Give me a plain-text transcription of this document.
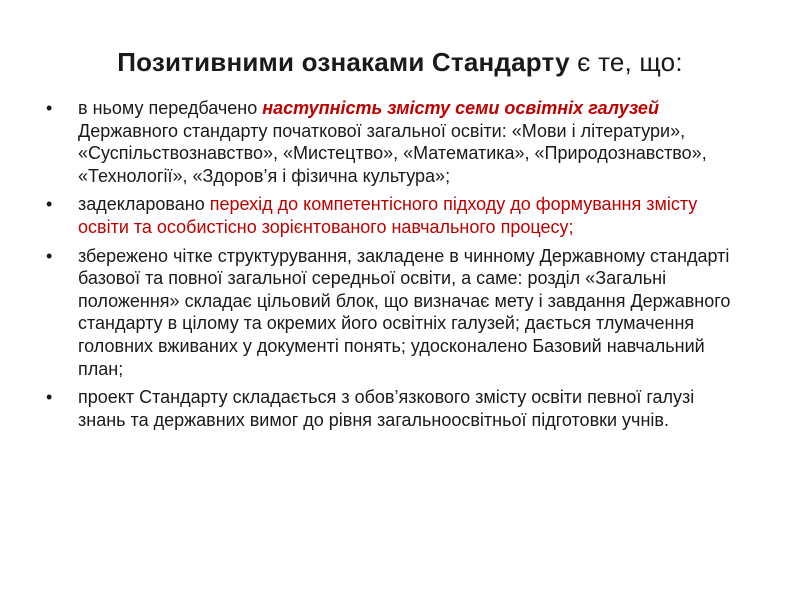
Позитивними ознаками Стандарту є те, що:
•	в ньому передбачено наступність змісту семи освітніх галузей Державного стандарту початкової загальної освіти: «Мови і літератури», «Суспільствознавство», «Мистецтво», «Математика», «Природознавство», «Технології», «Здоров’я і фізична культура»;
•	задекларовано перехід до компетентісного підходу до формування змісту освіти та особистісно зорієнтованого навчального процесу;
•	збережено чітке структурування, закладене в чинному Державному стандарті базової та повної загальної середньої освіти, а саме: розділ «Загальні положення» складає цільовий блок, що визначає мету і завдання Державного стандарту в цілому та окремих його освітніх галузей; дається тлумачення головних вживаних у документі понять; удосконалено Базовий навчальний план;
•	проект Стандарту складається з обов’язкового змісту освіти певної галузі знань та державних вимог до рівня загальноосвітньої підготовки учнів.
